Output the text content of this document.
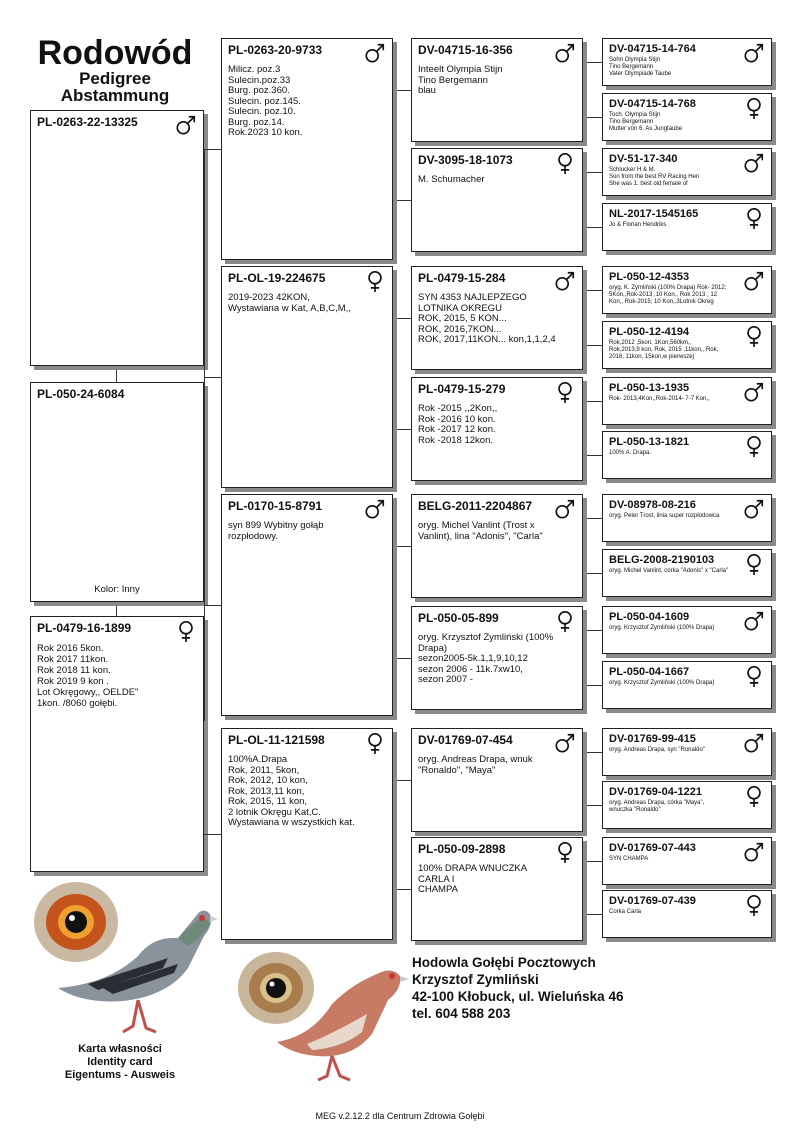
Rodowód
Pedigree
Abstammung
PL-0263-22-13325
PL-050-24-6084
Kolor: Inny
PL-0479-16-1899
Rok 2016 5kon.
Rok 2017 11kon.
Rok 2018 11 kon.
Rok 2019 9 kon .
Lot Okręgowy,, OELDE"
1kon. /8060 gołębi.
PL-0263-20-9733
Milicz. poz.3
Sulecin.poz.33
Burg. poz.360.
Sulecin. poz.145.
Sulecin. poz.10.
Burg. poz.14.
Rok.2023 10 kon.
PL-OL-19-224675
2019-2023 42KON,
Wystawiana w Kat, A,B,C,M,,
PL-0170-15-8791
syn 899 Wybitny gołąb
rozpłodowy.
PL-OL-11-121598
100%A.Drapa
Rok, 2011, 5kon,
Rok, 2012, 10 kon,
Rok, 2013,11 kon,
Rok, 2015, 11 kon,
2 lotnik Okręgu Kat,C.
Wystawiana w wszystkich kat.
DV-04715-16-356
Inteelt Olympia Stijn
Tino Bergemann
blau
DV-3095-18-1073
M. Schumacher
PL-0479-15-284
SYN 4353 NAJLEPZEGO
LOTNIKA OKREGU
ROK, 2015, 5 KON...
ROK, 2016,7KON...
ROK, 2017,11KON... kon,1,1,2,4
PL-0479-15-279
Rok -2015 ,,2Kon,,
Rok -2016 10 kon.
Rok -2017 12 kon.
Rok -2018 12kon.
BELG-2011-2204867
oryg. Michel Vanlint (Trost x
Vanlint), lina "Adonis", "Carla"
PL-050-05-899
oryg. Krzysztof Zymliński (100%
Drapa)
sezon2005-5k.1,1,9,10,12
sezon 2006 - 11k.7xw10,
sezon 2007 -
DV-01769-07-454
oryg. Andreas Drapa, wnuk
"Ronaldo", "Maya"
PL-050-09-2898
100% DRAPA WNUCZKA
CARLA I
CHAMPA
DV-04715-14-764
Sohn Olympia Stijn
Tino Bergemann
Vater Olympiade Taube
DV-04715-14-768
Toch. Olympia Stijn
Tino Bergemann
Mutter von 6. As Jungtaube
DV-51-17-340
Schlucker H & M.
Son from the best RV Racing Hen
She was 1. best old female of
NL-2017-1545165
Jo & Florian Hendriks
PL-050-12-4353
oryg. K. Zymliński (100% Drapa) Rok- 2012;
5Kon,,Rok-2013 ,10 Kon,, Rok 2013 ; 12
Kon,, Rok-2015; 10 Kon,,3Lotnik Okreg
PL-050-12-4194
Rok,2012 ,5kon. 1Kon,560km,,
Rok,2013,9 kon, Rok, 2015 ,11kon,, Rok,
2016, 11kon, 15kon,w pierwszej
PL-050-13-1935
Rok- 2013,4Kon,,Rok-2014- 7-7 Kon,,
PL-050-13-1821
100% A. Drapa.
DV-08978-08-216
oryg. Peter Trost, linia super rozpłodowca
BELG-2008-2190103
oryg. Michel Vanlint, córka "Adonis" x "Carla"
PL-050-04-1609
oryg. Krzysztof Zymliński (100% Drapa)
PL-050-04-1667
oryg. Krzysztof Zymliński (100% Drapa)
DV-01769-99-415
oryg. Andreas Drapa, syn "Ronaldo"
DV-01769-04-1221
oryg. Andreas Drapa, córka "Maya",
wnuczka "Ronaldo"
DV-01769-07-443
SYN CHAMPA
DV-01769-07-439
Corka Carla
Karta własności
Identity card
Eigentums - Ausweis
Hodowla Gołębi Pocztowych
Krzysztof Zymliński
42-100 Kłobuck, ul. Wieluńska 46
tel. 604 588 203
MEG v.2.12.2 dla Centrum Zdrowia Gołębi
